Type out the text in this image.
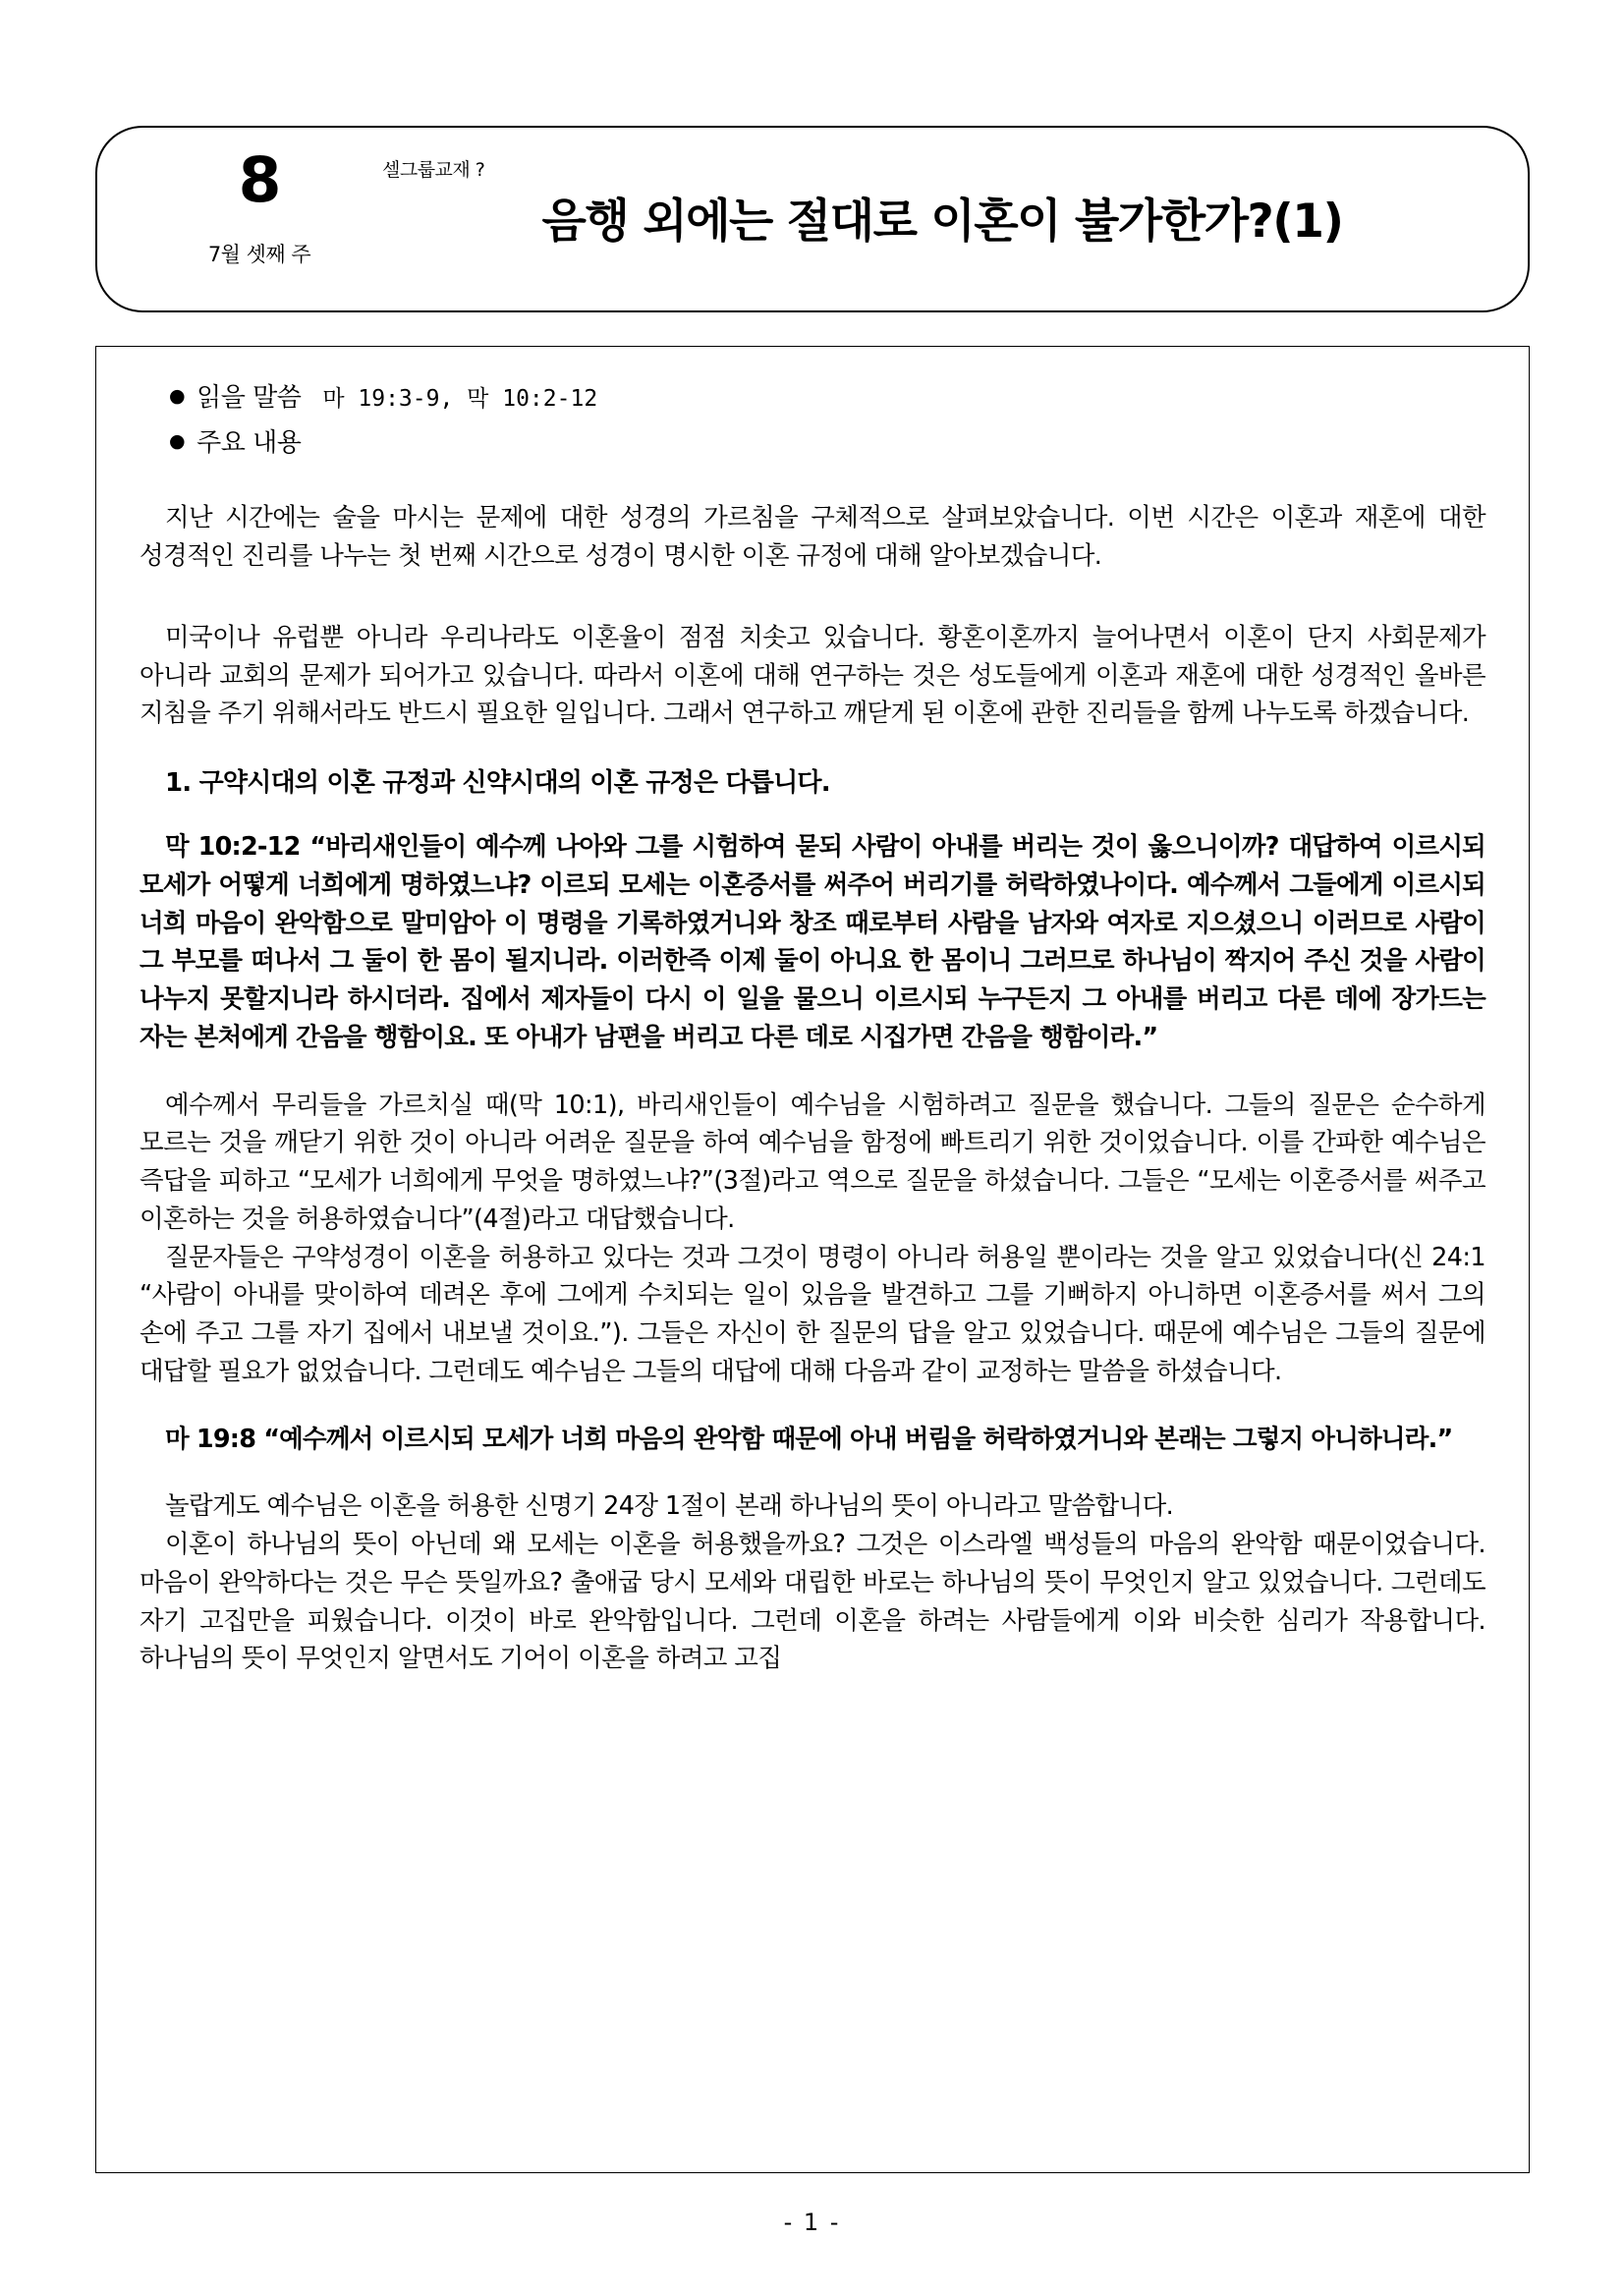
8
7월 셋째 주
셀그룹교재 ?
음행 외에는 절대로 이혼이 불가한가?(1)
● 읽을 말씀 마 19:3-9, 막 10:2-12
● 주요 내용

지난 시간에는 술을 마시는 문제에 대한 성경의 가르침을 구체적으로 살펴보았습니다. 이번 시간은 이혼과 재혼에 대한 성경적인 진리를 나누는 첫 번째 시간으로 성경이 명시한 이혼 규정에 대해 알아보겠습니다.

미국이나 유럽뿐 아니라 우리나라도 이혼율이 점점 치솟고 있습니다. 황혼이혼까지 늘어나면서 이혼이 단지 사회문제가 아니라 교회의 문제가 되어가고 있습니다. 따라서 이혼에 대해 연구하는 것은 성도들에게 이혼과 재혼에 대한 성경적인 올바른 지침을 주기 위해서라도 반드시 필요한 일입니다. 그래서 연구하고 깨닫게 된 이혼에 관한 진리들을 함께 나누도록 하겠습니다.

1. 구약시대의 이혼 규정과 신약시대의 이혼 규정은 다릅니다.

막 10:2-12 “바리새인들이 예수께 나아와 그를 시험하여 묻되 사람이 아내를 버리는 것이 옳으니이까? 대답하여 이르시되 모세가 어떻게 너희에게 명하였느냐? 이르되 모세는 이혼증서를 써주어 버리기를 허락하였나이다. 예수께서 그들에게 이르시되 너희 마음이 완악함으로 말미암아 이 명령을 기록하였거니와 창조 때로부터 사람을 남자와 여자로 지으셨으니 이러므로 사람이 그 부모를 떠나서 그 둘이 한 몸이 될지니라. 이러한즉 이제 둘이 아니요 한 몸이니 그러므로 하나님이 짝지어 주신 것을 사람이 나누지 못할지니라 하시더라. 집에서 제자들이 다시 이 일을 물으니 이르시되 누구든지 그 아내를 버리고 다른 데에 장가드는 자는 본처에게 간음을 행함이요. 또 아내가 남편을 버리고 다른 데로 시집가면 간음을 행함이라.”

예수께서 무리들을 가르치실 때(막 10:1), 바리새인들이 예수님을 시험하려고 질문을 했습니다. 그들의 질문은 순수하게 모르는 것을 깨닫기 위한 것이 아니라 어려운 질문을 하여 예수님을 함정에 빠트리기 위한 것이었습니다. 이를 간파한 예수님은 즉답을 피하고 “모세가 너희에게 무엇을 명하였느냐?”(3절)라고 역으로 질문을 하셨습니다. 그들은 “모세는 이혼증서를 써주고 이혼하는 것을 허용하였습니다”(4절)라고 대답했습니다.

질문자들은 구약성경이 이혼을 허용하고 있다는 것과 그것이 명령이 아니라 허용일 뿐이라는 것을 알고 있었습니다(신 24:1 “사람이 아내를 맞이하여 데려온 후에 그에게 수치되는 일이 있음을 발견하고 그를 기뻐하지 아니하면 이혼증서를 써서 그의 손에 주고 그를 자기 집에서 내보낼 것이요.”). 그들은 자신이 한 질문의 답을 알고 있었습니다. 때문에 예수님은 그들의 질문에 대답할 필요가 없었습니다. 그런데도 예수님은 그들의 대답에 대해 다음과 같이 교정하는 말씀을 하셨습니다.

마 19:8 “예수께서 이르시되 모세가 너희 마음의 완악함 때문에 아내 버림을 허락하였거니와 본래는 그렇지 아니하니라.”

놀랍게도 예수님은 이혼을 허용한 신명기 24장 1절이 본래 하나님의 뜻이 아니라고 말씀합니다.

이혼이 하나님의 뜻이 아닌데 왜 모세는 이혼을 허용했을까요? 그것은 이스라엘 백성들의 마음의 완악함 때문이었습니다. 마음이 완악하다는 것은 무슨 뜻일까요? 출애굽 당시 모세와 대립한 바로는 하나님의 뜻이 무엇인지 알고 있었습니다. 그런데도 자기 고집만을 피웠습니다. 이것이 바로 완악함입니다. 그런데 이혼을 하려는 사람들에게 이와 비슷한 심리가 작용합니다. 하나님의 뜻이 무엇인지 알면서도 기어이 이혼을 하려고 고집

- 1 -
